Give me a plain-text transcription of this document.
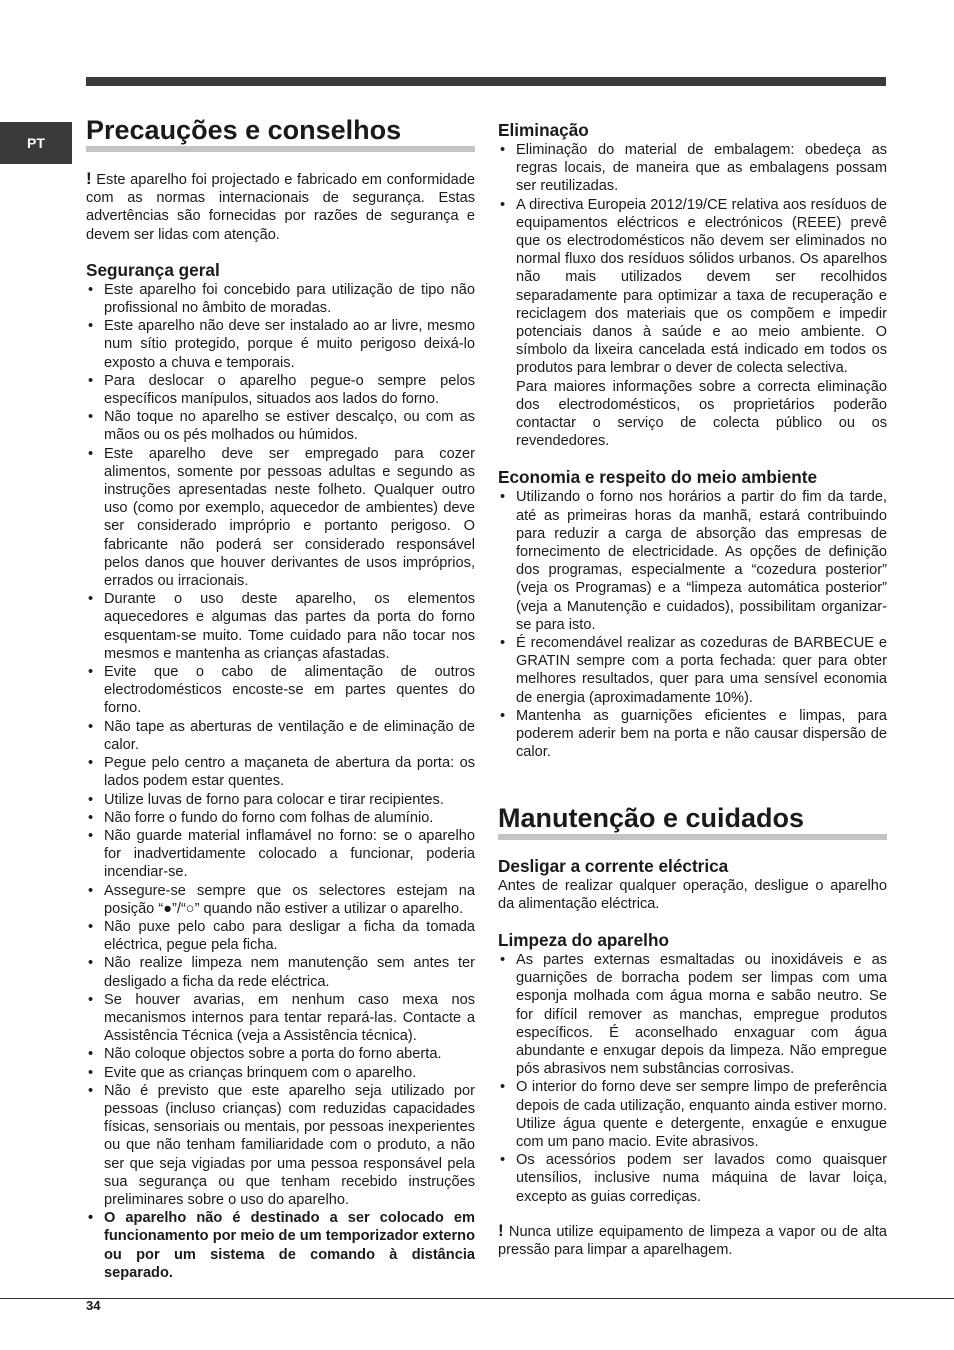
PT	Precauções e conselhos

! Este aparelho foi projectado e fabricado em conformidade com as normas internacionais de segurança. Estas advertências são fornecidas por razões de segurança e devem ser lidas com atenção.

Segurança geral
• Este aparelho foi concebido para utilização de tipo não profissional no âmbito de moradas.
• Este aparelho não deve ser instalado ao ar livre, mesmo num sítio protegido, porque é muito perigoso deixá-lo exposto a chuva e temporais.
• Para deslocar o aparelho pegue-o sempre pelos específicos manípulos, situados aos lados do forno.
• Não toque no aparelho se estiver descalço, ou com as mãos ou os pés molhados ou húmidos.
• Este aparelho deve ser empregado para cozer alimentos, somente por pessoas adultas e segundo as instruções apresentadas neste folheto. Qualquer outro uso (como por exemplo, aquecedor de ambientes) deve ser considerado impróprio e portanto perigoso. O fabricante não poderá ser considerado responsável pelos danos que houver derivantes de usos impróprios, errados ou irracionais.
• Durante o uso deste aparelho, os elementos aquecedores e algumas das partes da porta do forno esquentam-se muito. Tome cuidado para não tocar nos mesmos e mantenha as crianças afastadas.
• Evite que o cabo de alimentação de outros electrodomésticos encoste-se em partes quentes do forno.
• Não tape as aberturas de ventilação e de eliminação de calor.
• Pegue pelo centro a maçaneta de abertura da porta: os lados podem estar quentes.
• Utilize luvas de forno para colocar e tirar recipientes.
• Não forre o fundo do forno com folhas de alumínio.
• Não guarde material inflamável no forno: se o aparelho for inadvertidamente colocado a funcionar, poderia incendiar-se.
• Assegure-se sempre que os selectores estejam na posição “●”/“○” quando não estiver a utilizar o aparelho.
• Não puxe pelo cabo para desligar a ficha da tomada eléctrica, pegue pela ficha.
• Não realize limpeza nem manutenção sem antes ter desligado a ficha da rede eléctrica.
• Se houver avarias, em nenhum caso mexa nos mecanismos internos para tentar repará-las. Contacte a Assistência Técnica (veja a Assistência técnica).
• Não coloque objectos sobre a porta do forno aberta.
• Evite que as crianças brinquem com o aparelho.
• Não é previsto que este aparelho seja utilizado por pessoas (incluso crianças) com reduzidas capacidades físicas, sensoriais ou mentais, por pessoas inexperientes ou que não tenham familiaridade com o produto, a não ser que seja vigiadas por uma pessoa responsável pela sua segurança ou que tenham recebido instruções preliminares sobre o uso do aparelho.
• O aparelho não é destinado a ser colocado em funcionamento por meio de um temporizador externo ou por um sistema de comando à distância separado.
Eliminação
• Eliminação do material de embalagem: obedeça as regras locais, de maneira que as embalagens possam ser reutilizadas.
• A directiva Europeia 2012/19/CE relativa aos resíduos de equipamentos eléctricos e electrónicos (REEE) prevê que os electrodomésticos não devem ser eliminados no normal fluxo dos resíduos sólidos urbanos. Os aparelhos não mais utilizados devem ser recolhidos separadamente para optimizar a taxa de recuperação e reciclagem dos materiais que os compõem e impedir potenciais danos à saúde e ao meio ambiente. O símbolo da lixeira cancelada está indicado em todos os produtos para lembrar o dever de colecta selectiva.
Para maiores informações sobre a correcta eliminação dos electrodomésticos, os proprietários poderão contactar o serviço de colecta público ou os revendedores.
Economia e respeito do meio ambiente
• Utilizando o forno nos horários a partir do fim da tarde, até as primeiras horas da manhã, estará contribuindo para reduzir a carga de absorção das empresas de fornecimento de electricidade. As opções de definição dos programas, especialmente a “cozedura posterior” (veja os Programas) e a “limpeza automática posterior” (veja a Manutenção e cuidados), possibilitam organizar-se para isto.
• É recomendável realizar as cozeduras de BARBECUE e GRATIN sempre com a porta fechada: quer para obter melhores resultados, quer para uma sensível economia de energia (aproximadamente 10%).
• Mantenha as guarnições eficientes e limpas, para poderem aderir bem na porta e não causar dispersão de calor.
Manutenção e cuidados
Desligar a corrente eléctrica

Antes de realizar qualquer operação, desligue o aparelho da alimentação eléctrica.

Limpeza do aparelho
• As partes externas esmaltadas ou inoxidáveis e as guarnições de borracha podem ser limpas com uma esponja molhada com água morna e sabão neutro. Se for difícil remover as manchas, empregue produtos específicos. É aconselhado enxaguar com água abundante e enxugar depois da limpeza. Não empregue pós abrasivos nem substâncias corrosivas.
• O interior do forno deve ser sempre limpo de preferência depois de cada utilização, enquanto ainda estiver morno. Utilize água quente e detergente, enxagúe e enxugue com um pano macio. Evite abrasivos.
• Os acessórios podem ser lavados como quaisquer utensílios, inclusive numa máquina de lavar loiça, excepto as guias corrediças.

! Nunca utilize equipamento de limpeza a vapor ou de alta pressão para limpar a aparelhagem.

34
